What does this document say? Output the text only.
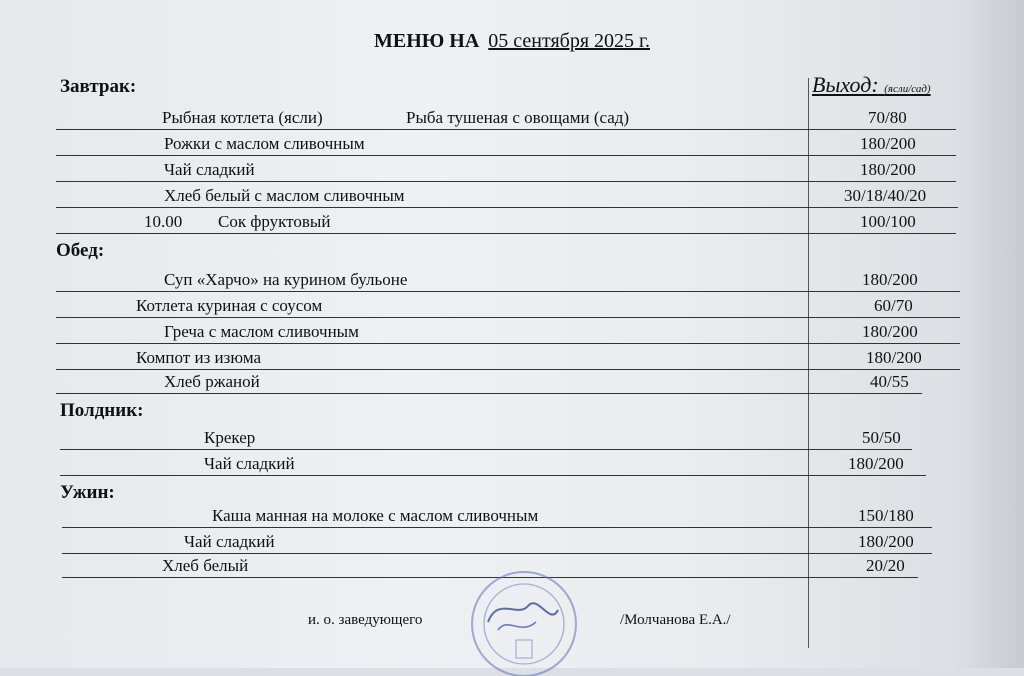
МЕНЮ НА 05 сентября 2025 г.
Выход: (ясли/сад)
Завтрак:
Рыбная котлета (ясли)	Рыба тушеная с овощами (сад)	70/80
Рожки с маслом сливочным	180/200
Чай сладкий	180/200
Хлеб белый с маслом сливочным	30/18/40/20
10.00 Сок фруктовый	100/100
Обед:
Суп «Харчо» на курином бульоне	180/200
Котлета куриная с соусом	60/70
Греча с маслом сливочным	180/200
Компот из изюма	180/200
Хлеб ржаной	40/55
Полдник:
Крекер	50/50
Чай сладкий	180/200
Ужин:
Каша манная на молоке с маслом сливочным	150/180
Чай сладкий	180/200
Хлеб белый	20/20
и. о. заведующего	/Молчанова Е.А./
